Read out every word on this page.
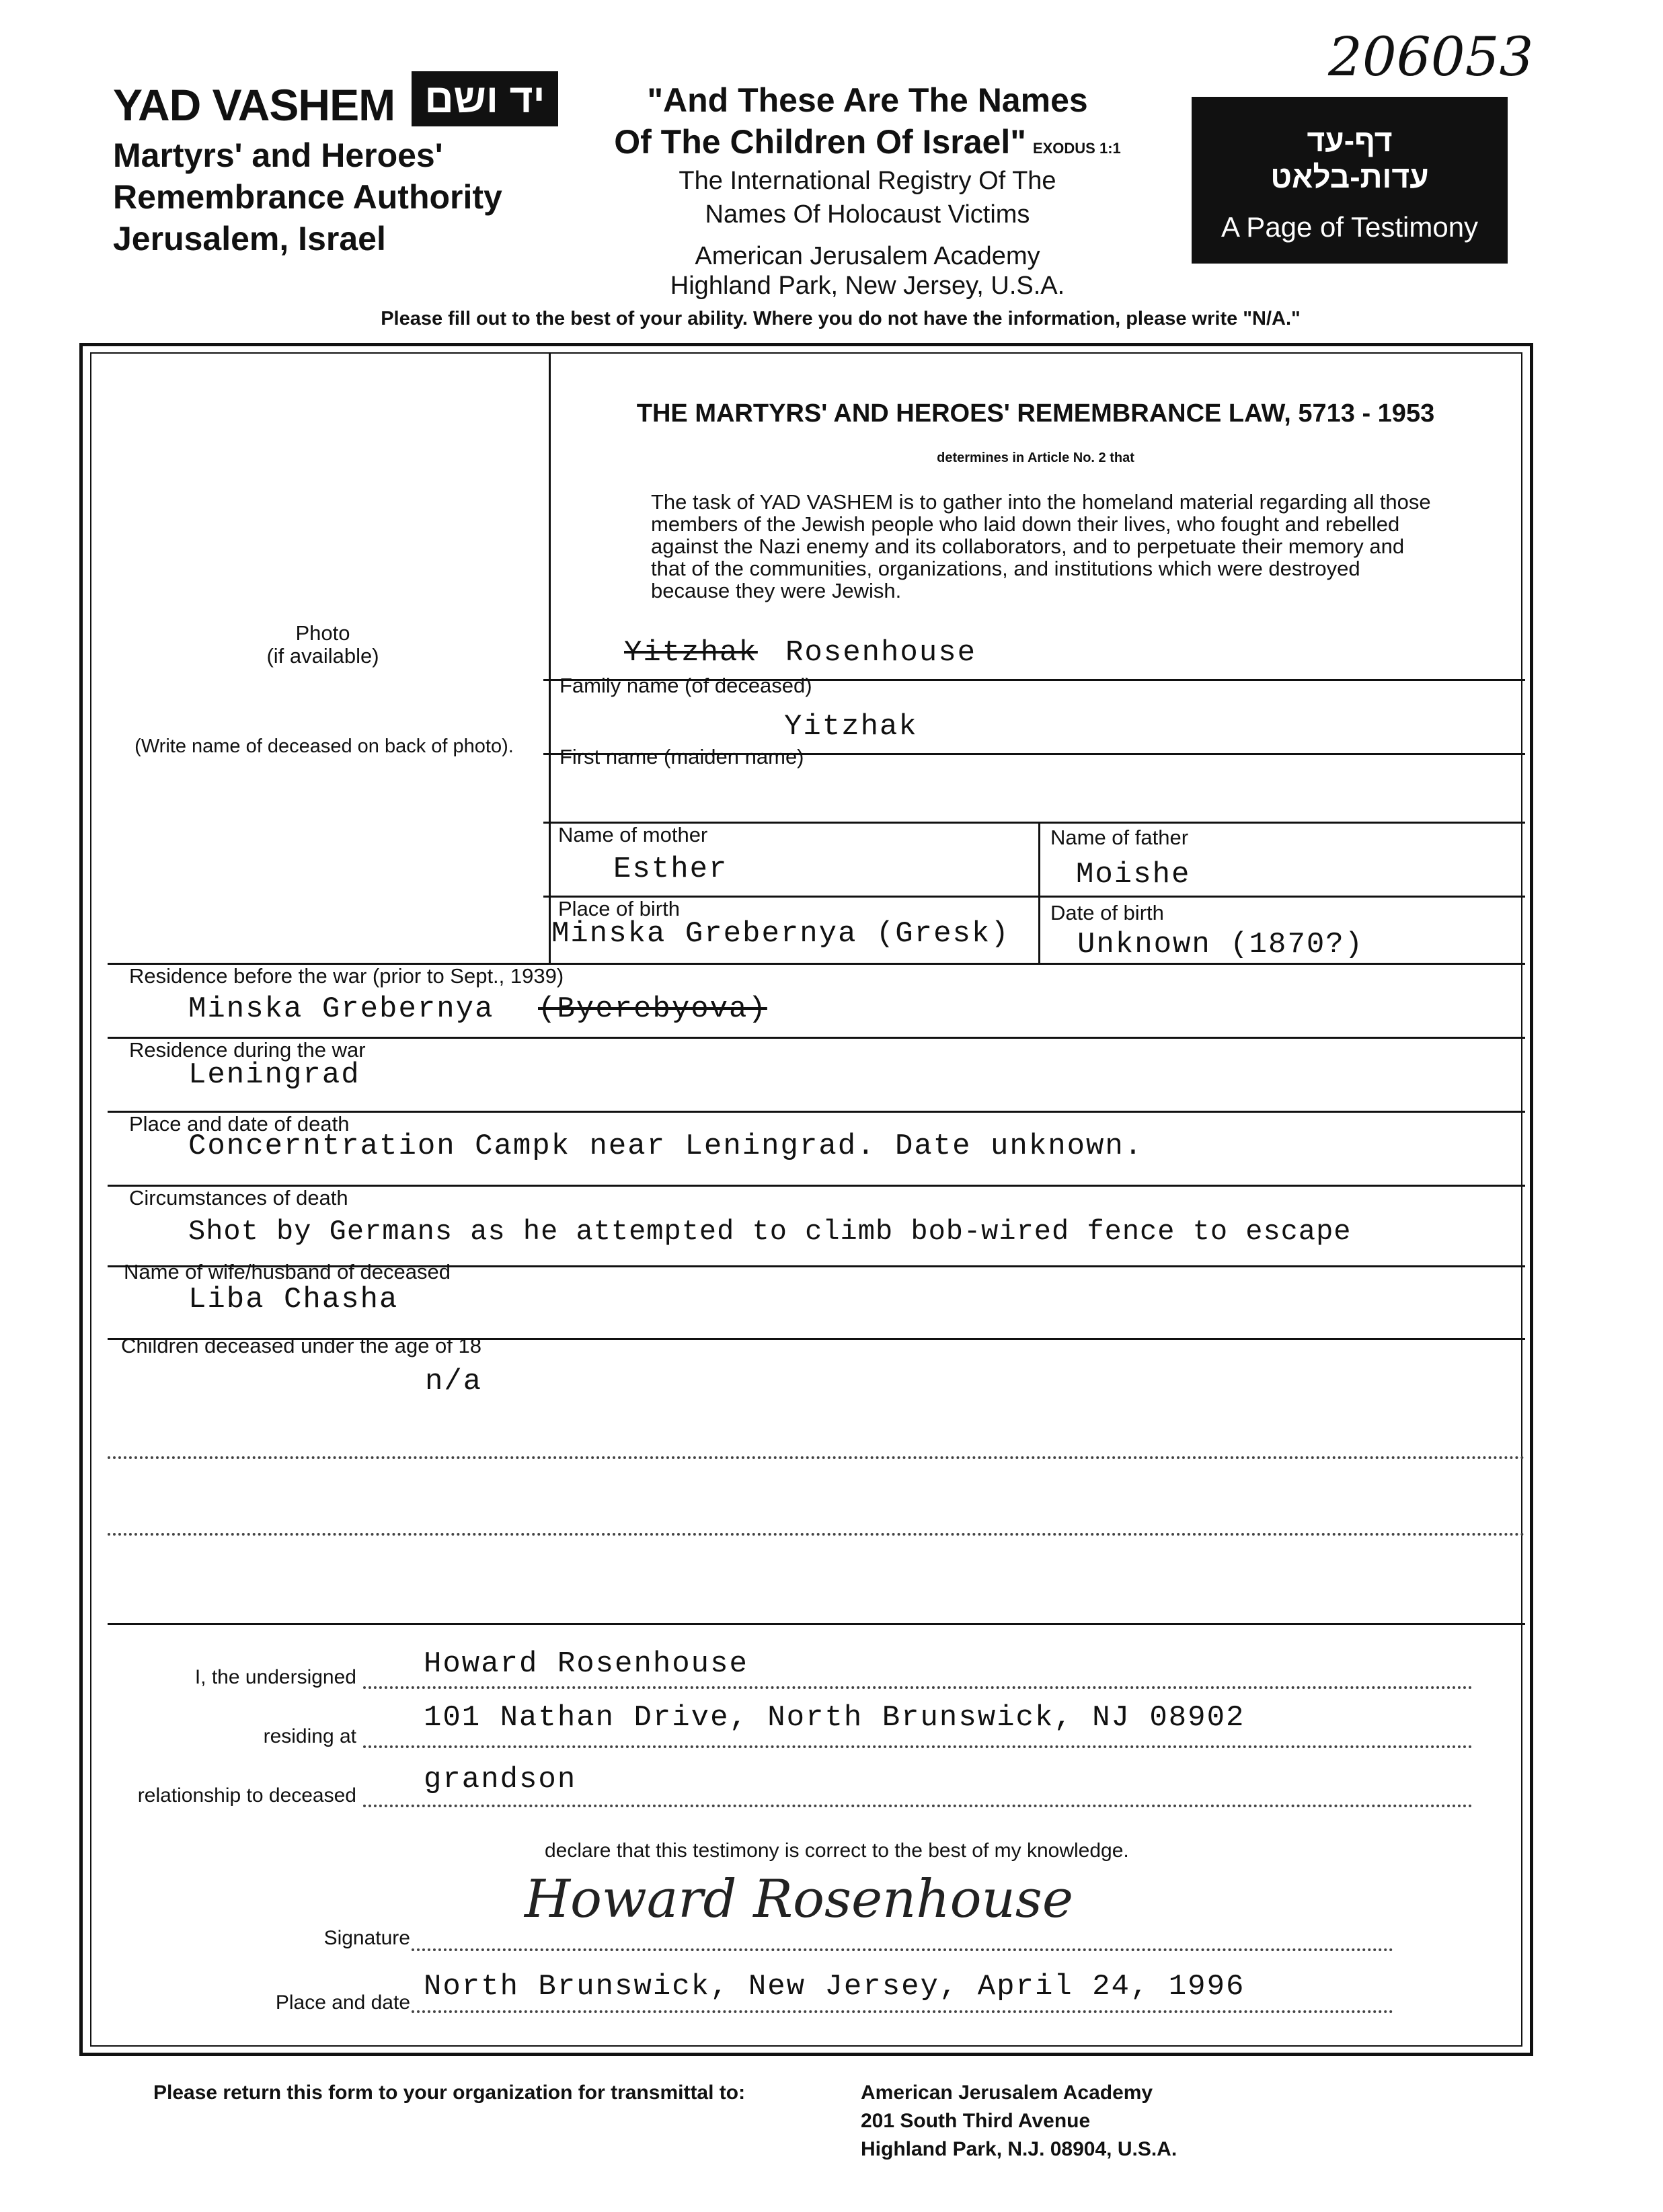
206053
YAD VASHEM יד ושם
Martyrs' and Heroes'
Remembrance Authority
Jerusalem, Israel
"And These Are The Names
Of The Children Of Israel" EXODUS 1:1
The International Registry Of The
Names Of Holocaust Victims
American Jerusalem Academy
Highland Park, New Jersey, U.S.A.
דף-עד
עדות-בלאט
A Page of Testimony
Please fill out to the best of your ability. Where you do not have the information, please write "N/A."
Photo
(if available)
(Write name of deceased on back of photo).
THE MARTYRS' AND HEROES' REMEMBRANCE LAW, 5713 - 1953
determines in Article No. 2 that
The task of YAD VASHEM is to gather into the homeland material regarding all those members of the Jewish people who laid down their lives, who fought and rebelled against the Nazi enemy and its collaborators, and to perpetuate their memory and that of the communities, organizations, and institutions which were destroyed because they were Jewish.
Yitzhak Rosenhouse
Family name (of deceased)
Yitzhak
First name (maiden name)
Name of mother
Esther
Name of father
Moishe
Place of birth
Minska Grebernya (Gresk)
Date of birth
Unknown (1870?)
Residence before the war (prior to Sept., 1939)
Minska Grebernya (Byerebyova)
Residence during the war
Leningrad
Place and date of death
Concerntration Campk near Leningrad. Date unknown.
Circumstances of death
Shot by Germans as he attempted to climb bob-wired fence to escape
Name of wife/husband of deceased
Liba Chasha
Children deceased under the age of 18
n/a
I, the undersigned Howard Rosenhouse
residing at
101 Nathan Drive, North Brunswick, NJ 08902
relationship to deceased grandson
declare that this testimony is correct to the best of my knowledge.
Signature
Howard Rosenhouse
Place and date North Brunswick, New Jersey, April 24, 1996
Please return this form to your organization for transmittal to:	American Jerusalem Academy
201 South Third Avenue
Highland Park, N.J. 08904, U.S.A.
